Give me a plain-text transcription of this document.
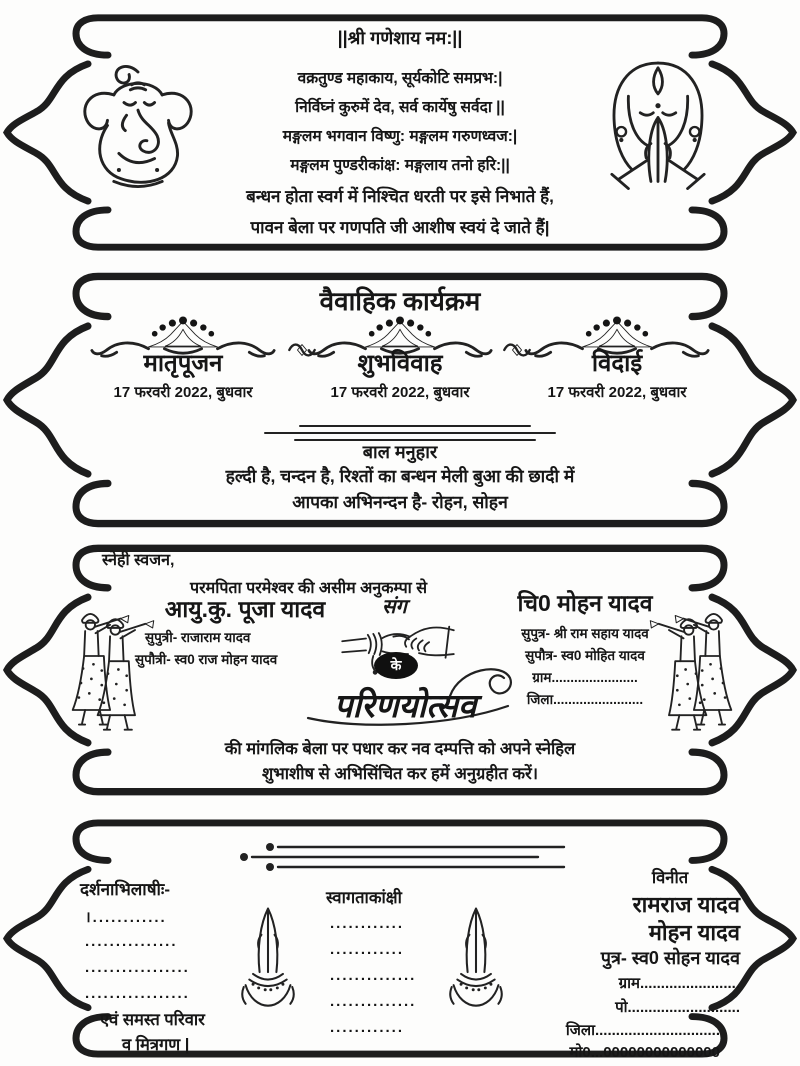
||श्री गणेशाय नम:||
वक्रतुण्ड महाकाय, सूर्यकोटि समप्रभ:|
निर्विघ्नं कुरुमें देव, सर्व कार्येषु सर्वदा ||
मङ्गलम भगवान विष्णु: मङ्गलम गरुणध्वज:|
मङ्गलम पुण्डरीकांक्ष: मङ्गलाय तनो हरि:||
बन्धन होता स्वर्ग में निश्चित धरती पर इसे निभाते हैं,
पावन बेला पर गणपति जी आशीष स्वयं दे जाते हैं|
वैवाहिक कार्यक्रम
मातृपूजन
17 फरवरी 2022, बुधवार
शुभविवाह
17 फरवरी 2022, बुधवार
विदाई
17 फरवरी 2022, बुधवार
बाल मनुहार
हल्दी है, चन्दन है, रिश्तों का बन्धन मेली बुआ की छादी में
आपका अभिनन्दन है- रोहन, सोहन
स्नेही स्वजन,
परमपिता परमेश्वर की असीम अनुकम्पा से
आयु.कु. पूजा यादव
सुपुत्री- राजाराम यादव
सुपौत्री- स्व0 राज मोहन यादव
संग
के
परिणयोत्सव
चि0 मोहन यादव
सुपुत्र- श्री राम सहाय यादव
सुपौत्र- स्व0 मोहित यादव
ग्राम.......................
जिला........................
की मांगलिक बेला पर पधार कर नव दम्पत्ति को अपने स्नेहिल
शुभाशीष से अभिसिंचित कर हमें अनुग्रहीत करें।
विनीत
दर्शनाभिलाषीः-
।............
...............
.................
.................
एवं समस्त परिवार
व मित्रगण |
स्वागताकांक्षी
............
............
..............
..............
............
रामराज यादव
मोहन यादव
पुत्र- स्व0 सोहन यादव
ग्राम........................
पो...........................
जिला..............................
मो0...00000000000000
